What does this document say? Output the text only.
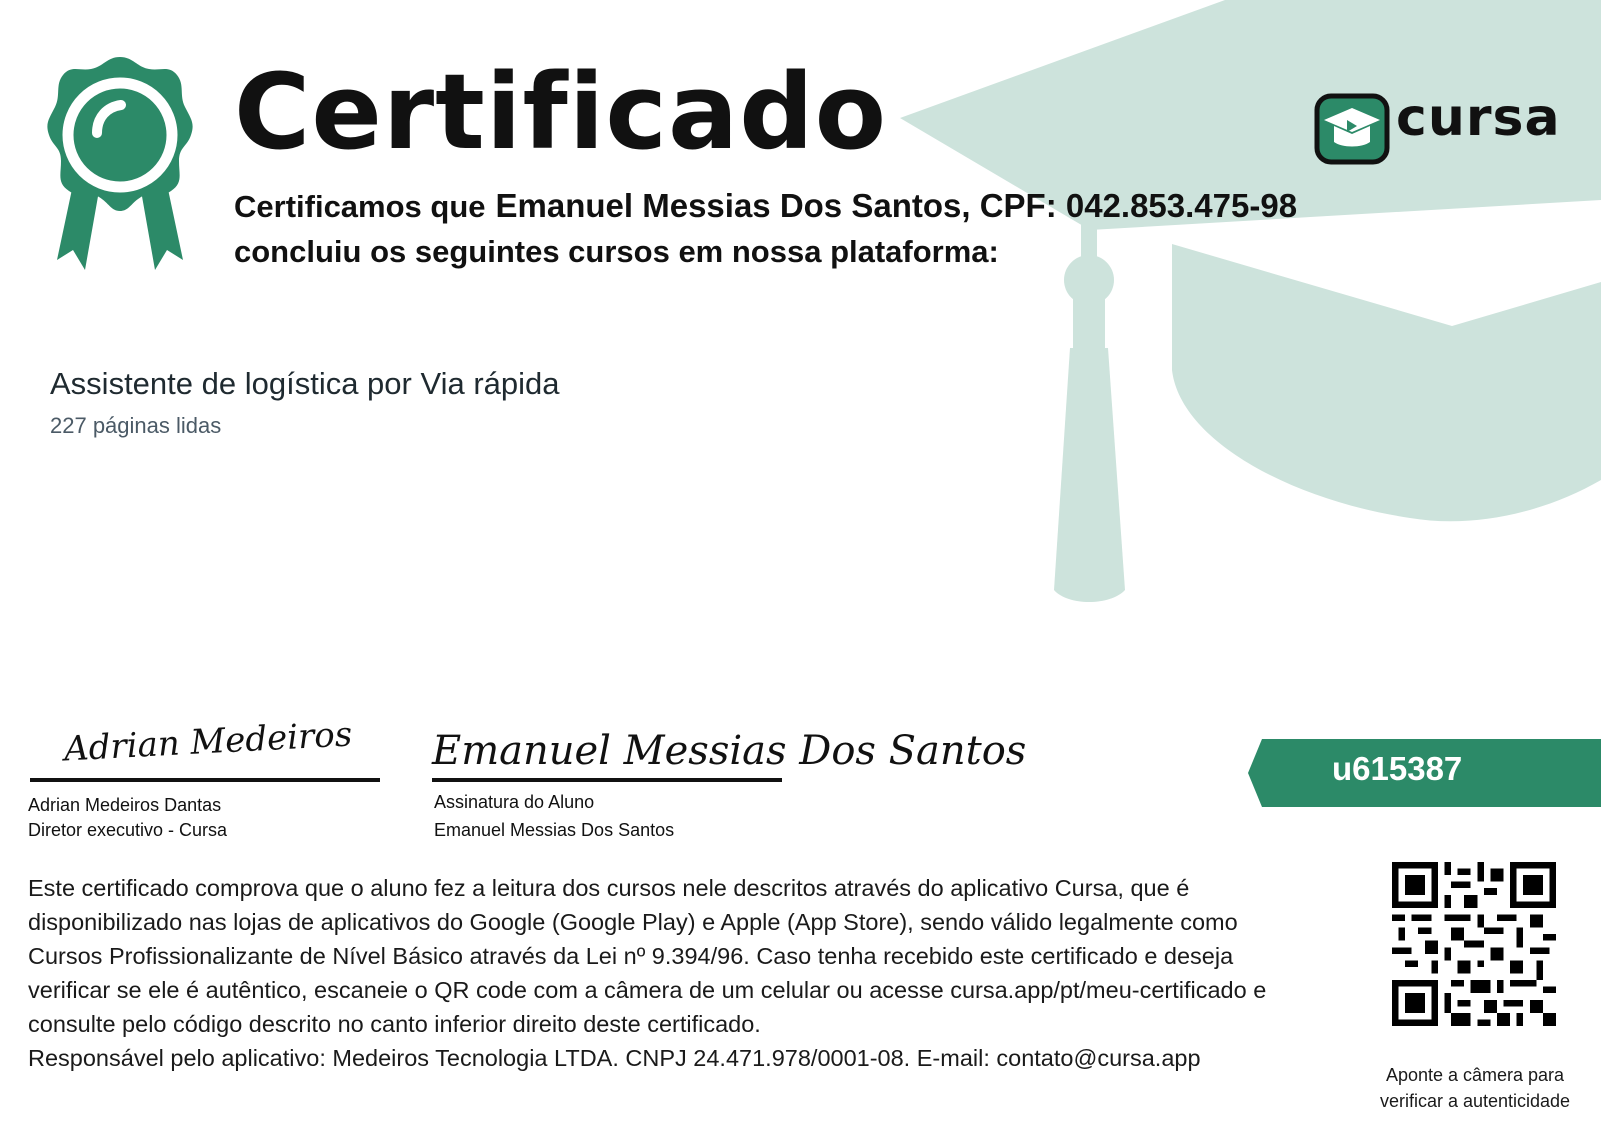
Certificado
Certificamos que Emanuel Messias Dos Santos, CPF: 042.853.475-98
concluiu os seguintes cursos em nossa plataforma:
cursa
Assistente de logística por Via rápida
227 páginas lidas
Adrian Medeiros
Adrian Medeiros Dantas
Diretor executivo - Cursa
Emanuel Messias Dos Santos
Assinatura do Aluno
Emanuel Messias Dos Santos
u615387

Este certificado comprova que o aluno fez a leitura dos cursos nele descritos através do aplicativo Cursa, que é disponibilizado nas lojas de aplicativos do Google (Google Play) e Apple (App Store), sendo válido legalmente como Cursos Profissionalizante de Nível Básico através da Lei nº 9.394/96. Caso tenha recebido este certificado e deseja verificar se ele é autêntico, escaneie o QR code com a câmera de um celular ou acesse cursa.app/pt/meu-certificado e consulte pelo código descrito no canto inferior direito deste certificado.

Responsável pelo aplicativo: Medeiros Tecnologia LTDA. CNPJ 24.471.978/0001-08. E-mail: contato@cursa.app

Aponte a câmera para
verificar a autenticidade
